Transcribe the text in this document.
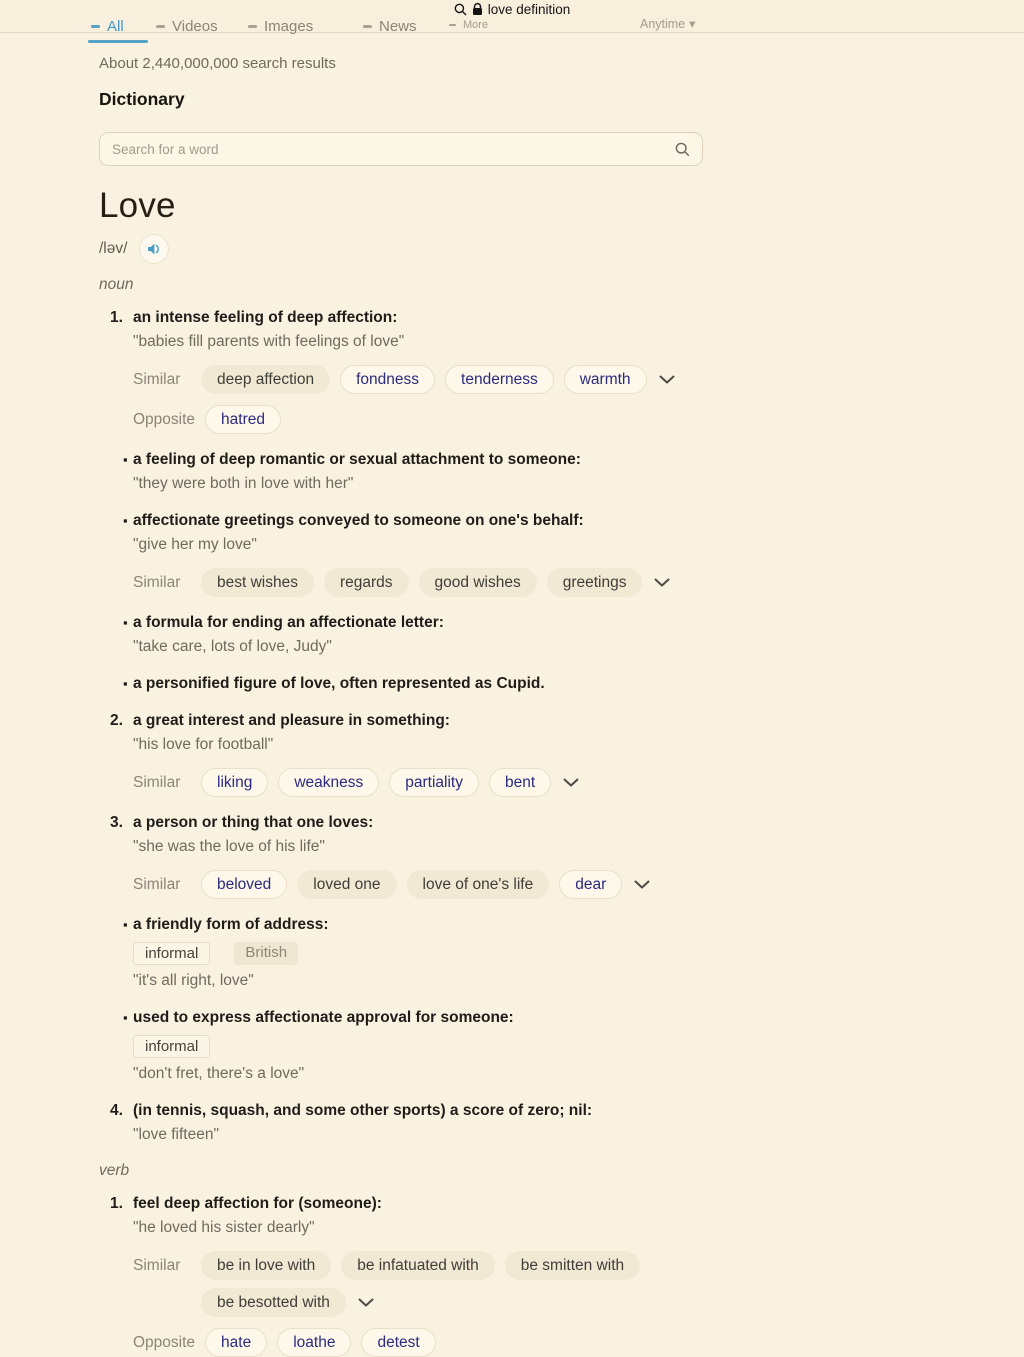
love definition
All	Videos	Images	News	More	Anytime ▾

About 2,440,000,000 search results

Dictionary
Search for a word
Love
/ləv/

noun

1. an intense feeling of deep affection:

"babies fill parents with feelings of love"

Similar	deep affection	fondness	tenderness	warmth
Opposite	hatred
▪

a feeling of deep romantic or sexual attachment to someone:

"they were both in love with her"

▪

affectionate greetings conveyed to someone on one's behalf:

"give her my love"

Similar	best wishes	regards	good wishes	greetings
▪

a formula for ending an affectionate letter:

"take care, lots of love, Judy"

▪

a personified figure of love, often represented as Cupid.

2. a great interest and pleasure in something:

"his love for football"

Similar	liking	weakness	partiality	bent
3. a person or thing that one loves:

"she was the love of his life"

Similar	beloved	loved one	love of one's life	dear
▪

a friendly form of address:

informal	British

"it's all right, love"

▪

used to express affectionate approval for someone:

informal

"don't fret, there's a love"

4. (in tennis, squash, and some other sports) a score of zero; nil:

"love fifteen"

verb

1. feel deep affection for (someone):

"he loved his sister dearly"

Similar	be in love with	be infatuated with	be smitten with
be besotted with
Opposite	hate	loathe	detest
